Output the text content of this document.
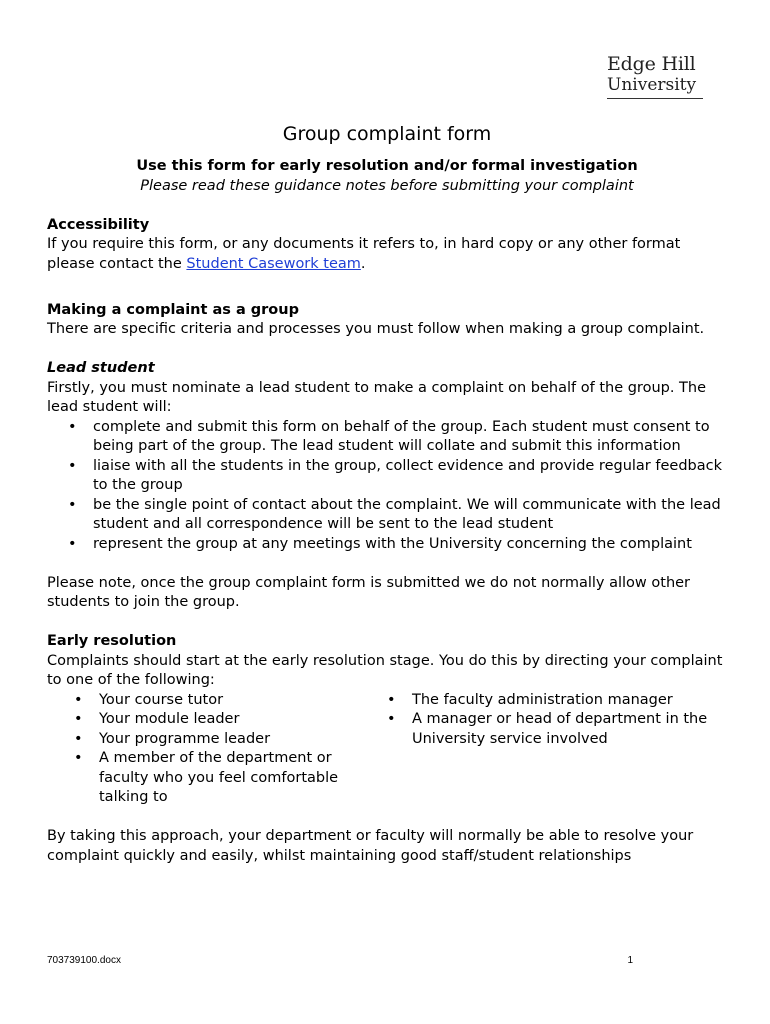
Edge Hill
University
Group complaint form

Use this form for early resolution and/or formal investigation

Please read these guidance notes before submitting your complaint

Accessibility

If you require this form, or any documents it refers to, in hard copy or any other format please contact the Student Casework team.

Making a complaint as a group

There are specific criteria and processes you must follow when making a group complaint.

Lead student

Firstly, you must nominate a lead student to make a complaint on behalf of the group. The lead student will:

• complete and submit this form on behalf of the group. Each student must consent to being part of the group. The lead student will collate and submit this information
• liaise with all the students in the group, collect evidence and provide regular feedback to the group
• be the single point of contact about the complaint. We will communicate with the lead student and all correspondence will be sent to the lead student
• represent the group at any meetings with the University concerning the complaint

Please note, once the group complaint form is submitted we do not normally allow other students to join the group.

Early resolution

Complaints should start at the early resolution stage. You do this by directing your complaint to one of the following:

• Your course tutor
• Your module leader
• Your programme leader
• A member of the department or faculty who you feel comfortable talking to
• The faculty administration manager
• A manager or head of department in the University service involved

By taking this approach, your department or faculty will normally be able to resolve your complaint quickly and easily, whilst maintaining good staff/student relationships

703739100.docx	1
